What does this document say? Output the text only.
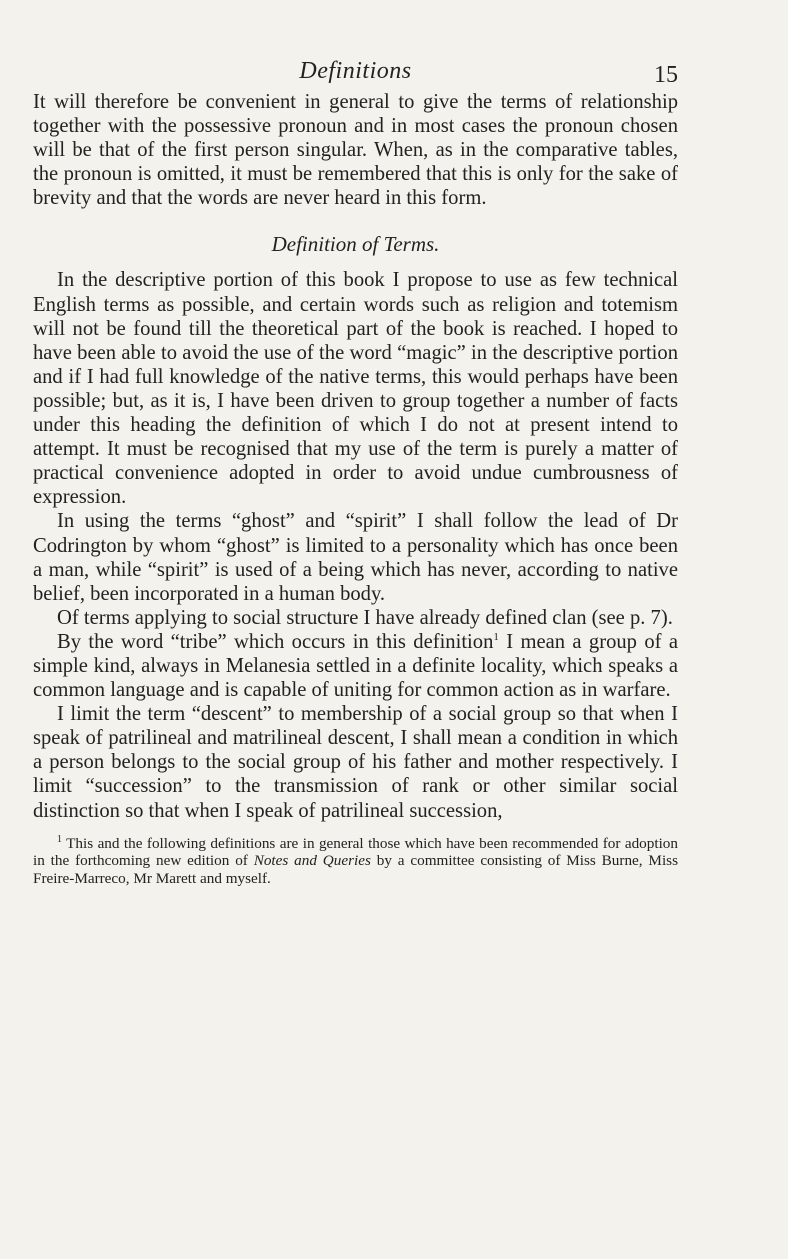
Definitions	15

It will therefore be convenient in general to give the terms of relationship together with the possessive pronoun and in most cases the pronoun chosen will be that of the first person singular. When, as in the comparative tables, the pronoun is omitted, it must be remembered that this is only for the sake of brevity and that the words are never heard in this form.

Definition of Terms.

In the descriptive portion of this book I propose to use as few technical English terms as possible, and certain words such as religion and totemism will not be found till the theoretical part of the book is reached. I hoped to have been able to avoid the use of the word “magic” in the descriptive portion and if I had full knowledge of the native terms, this would perhaps have been possible; but, as it is, I have been driven to group together a number of facts under this heading the definition of which I do not at present intend to attempt. It must be recognised that my use of the term is purely a matter of practical convenience adopted in order to avoid undue cumbrousness of expression.

In using the terms “ghost” and “spirit” I shall follow the lead of Dr Codrington by whom “ghost” is limited to a personality which has once been a man, while “spirit” is used of a being which has never, according to native belief, been incorporated in a human body.

Of terms applying to social structure I have already defined clan (see p. 7).

By the word “tribe” which occurs in this definition$^1$ I mean a group of a simple kind, always in Melanesia settled in a definite locality, which speaks a common language and is capable of uniting for common action as in warfare.

I limit the term “descent” to membership of a social group so that when I speak of patrilineal and matrilineal descent, I shall mean a condition in which a person belongs to the social group of his father and mother respectively. I limit “succession” to the transmission of rank or other similar social distinction so that when I speak of patrilineal succession,

$^1$ This and the following definitions are in general those which have been recommended for adoption in the forthcoming new edition of Notes and Queries by a committee consisting of Miss Burne, Miss Freire-Marreco, Mr Marett and myself.
